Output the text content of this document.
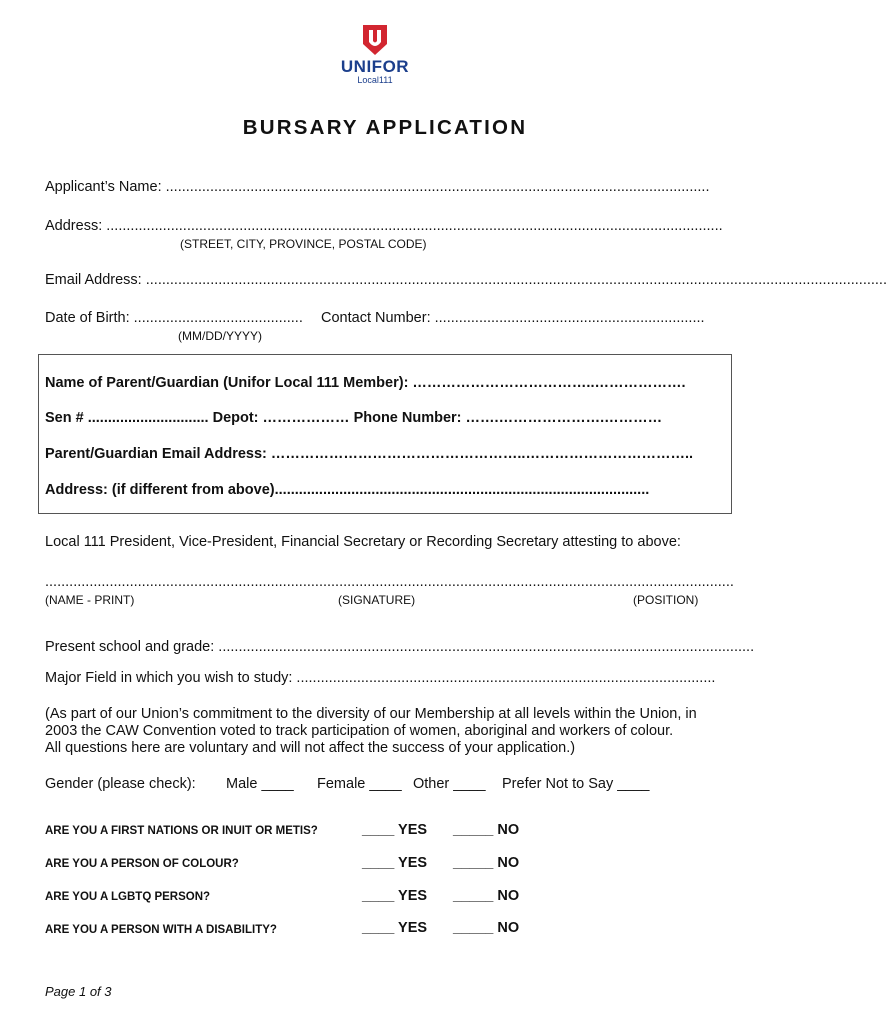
UNIFOR
Local111
BURSARY APPLICATION
Applicant’s Name: .......................................................................................................................................
Address: .........................................................................................................................................................
(STREET, CITY, PROVINCE, POSTAL CODE)
Email Address: ........................................................................................................................................................................................
Date of Birth: ..........................................
(MM/DD/YYYY)
Contact Number: ...................................................................
Name of Parent/Guardian (Unifor Local 111 Member): ………………………………..……………….
Sen # .............................. Depot: ……………… Phone Number: …….………………….…………
Parent/Guardian Email Address: ……………………………………………..……………………………..
Address: (if different from above).............................................................................................
Local 111 President, Vice-President, Financial Secretary or Recording Secretary attesting to above:
...........................................................................................................................................................................
(NAME - PRINT)	(SIGNATURE)	(POSITION)
Present school and grade: .....................................................................................................................................
Major Field in which you wish to study: ........................................................................................................
(As part of our Union’s commitment to the diversity of our Membership at all levels within the Union, in
2003 the CAW Convention voted to track participation of women, aboriginal and workers of colour.
All questions here are voluntary and will not affect the success of your application.)
Gender (please check): Male ____ Female ____ Other ____ Prefer Not to Say ____
ARE YOU A FIRST NATIONS OR INUIT OR METIS?	____ YES _____ NO
ARE YOU A PERSON OF COLOUR?	____ YES _____ NO
ARE YOU A LGBTQ PERSON?	____ YES _____ NO
ARE YOU A PERSON WITH A DISABILITY?	____ YES _____ NO
Page 1 of 3
